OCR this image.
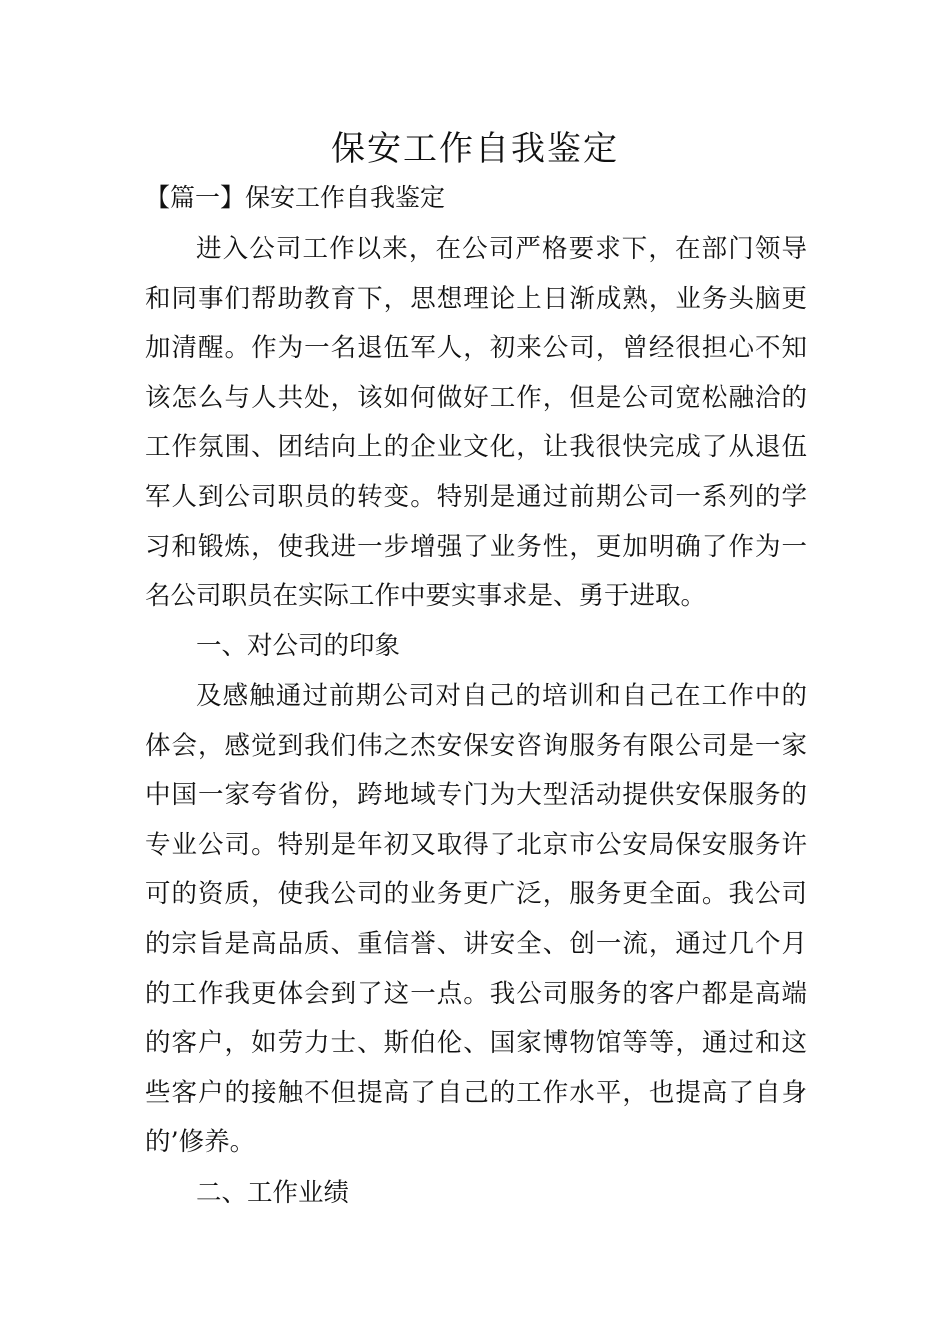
保安工作自我鉴定

【篇一】保安工作自我鉴定

进入公司工作以来，在公司严格要求下，在部门领导和同事们帮助教育下，思想理论上日渐成熟，业务头脑更加清醒。作为一名退伍军人，初来公司，曾经很担心不知该怎么与人共处，该如何做好工作，但是公司宽松融洽的工作氛围、团结向上的企业文化，让我很快完成了从退伍军人到公司职员的转变。特别是通过前期公司一系列的学习和锻炼，使我进一步增强了业务性，更加明确了作为一名公司职员在实际工作中要实事求是、勇于进取。

一、对公司的印象

及感触通过前期公司对自己的培训和自己在工作中的体会，感觉到我们伟之杰安保安咨询服务有限公司是一家中国一家夸省份，跨地域专门为大型活动提供安保服务的专业公司。特别是年初又取得了北京市公安局保安服务许可的资质，使我公司的业务更广泛，服务更全面。我公司的宗旨是高品质、重信誉、讲安全、创一流，通过几个月的工作我更体会到了这一点。我公司服务的客户都是高端的客户，如劳力士、斯伯伦、国家博物馆等等，通过和这些客户的接触不但提高了自己的工作水平，也提高了自身的’修养。

二、工作业绩
